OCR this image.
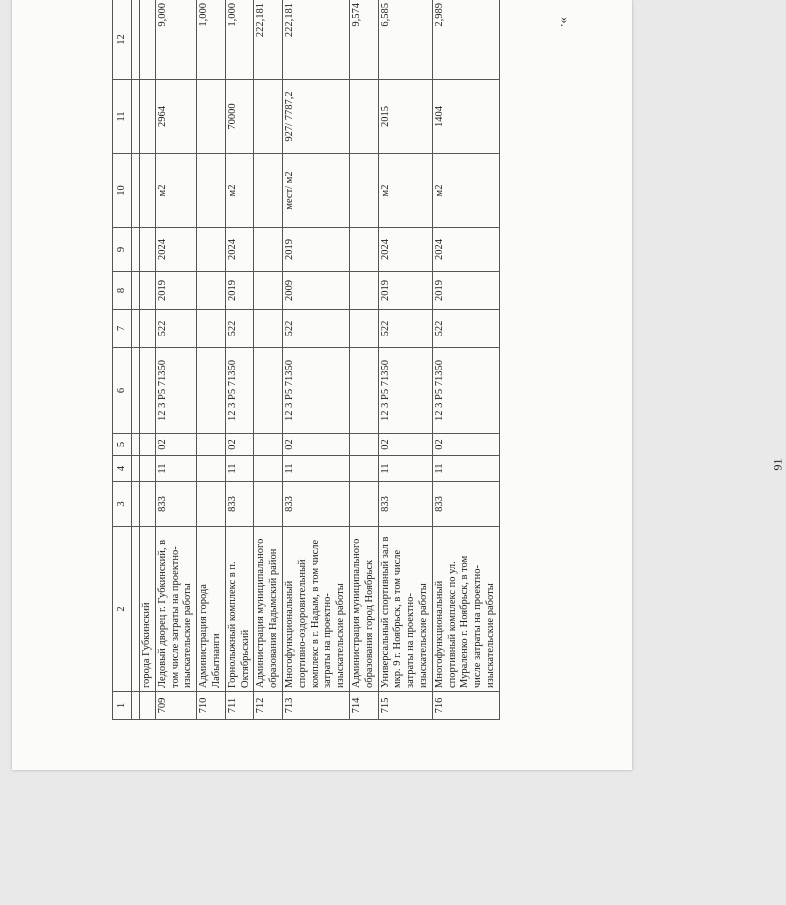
91
».
1	2	3	4	5	6	7	8	9	10	11	12

	города Губкинский										
709	Ледовый дворец г. Губкинский, в том числе затраты на проектно-изыскательские работы	833	11	02	12 3 P5 71350	522	2019	2024	м2	2964	9,000
710	Администрация города Лабытнанги										1,000
711	Горнолыжный комплекс в п. Октябрьский	833	11	02	12 3 P5 71350	522	2019	2024	м2	70000	1,000
712	Администрация муниципального образования Надымский район										222,181
713	Многофункциональный спортивно-оздоровительный комплекс в г. Надым, в том числе затраты на проектно-изыскательские работы	833	11	02	12 3 P5 71350	522	2009	2019	мест/ м2	927/ 7787,2	222,181
714	Администрация муниципального образования город Ноябрьск										9,574
715	Универсальный спортивный зал в мкр. 9 г. Ноябрьск, в том числе затраты на проектно-изыскательские работы	833	11	02	12 3 P5 71350	522	2019	2024	м2	2015	6,585
716	Многофункциональный спортивный комплекс по ул. Мураленко г. Ноябрьск, в том числе затраты на проектно-изыскательские работы	833	11	02	12 3 P5 71350	522	2019	2024	м2	1404	2,989
